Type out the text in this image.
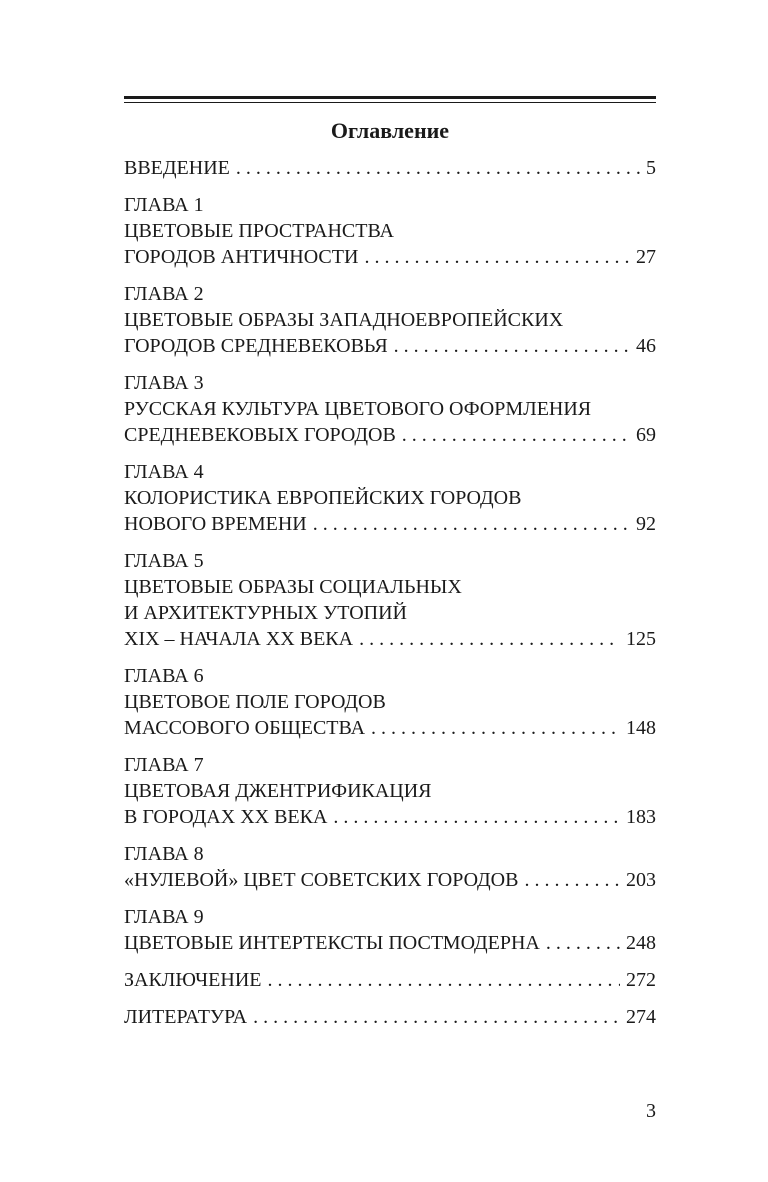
Оглавление
ВВЕДЕНИЕ . . .	5
ГЛАВА 1
ЦВЕТОВЫЕ ПРОСТРАНСТВА
ГОРОДОВ АНТИЧНОСТИ . . .	27
ГЛАВА 2
ЦВЕТОВЫЕ ОБРАЗЫ ЗАПАДНОЕВРОПЕЙСКИХ
ГОРОДОВ СРЕДНЕВЕКОВЬЯ . . .	46
ГЛАВА 3
РУССКАЯ КУЛЬТУРА ЦВЕТОВОГО ОФОРМЛЕНИЯ
СРЕДНЕВЕКОВЫХ ГОРОДОВ . . .	69
ГЛАВА 4
КОЛОРИСТИКА ЕВРОПЕЙСКИХ ГОРОДОВ
НОВОГО ВРЕМЕНИ . . .	92
ГЛАВА 5
ЦВЕТОВЫЕ ОБРАЗЫ СОЦИАЛЬНЫХ
И АРХИТЕКТУРНЫХ УТОПИЙ
XIX – НАЧАЛА XX ВЕКА . . .	125
ГЛАВА 6
ЦВЕТОВОЕ ПОЛЕ ГОРОДОВ
МАССОВОГО ОБЩЕСТВА . . .	148
ГЛАВА 7
ЦВЕТОВАЯ ДЖЕНТРИФИКАЦИЯ
В ГОРОДАХ XX ВЕКА . . .	183
ГЛАВА 8
«НУЛЕВОЙ» ЦВЕТ СОВЕТСКИХ ГОРОДОВ . . .	203
ГЛАВА 9
ЦВЕТОВЫЕ ИНТЕРТЕКСТЫ ПОСТМОДЕРНА . . .	248
ЗАКЛЮЧЕНИЕ . . .	272
ЛИТЕРАТУРА . . .	274
3
